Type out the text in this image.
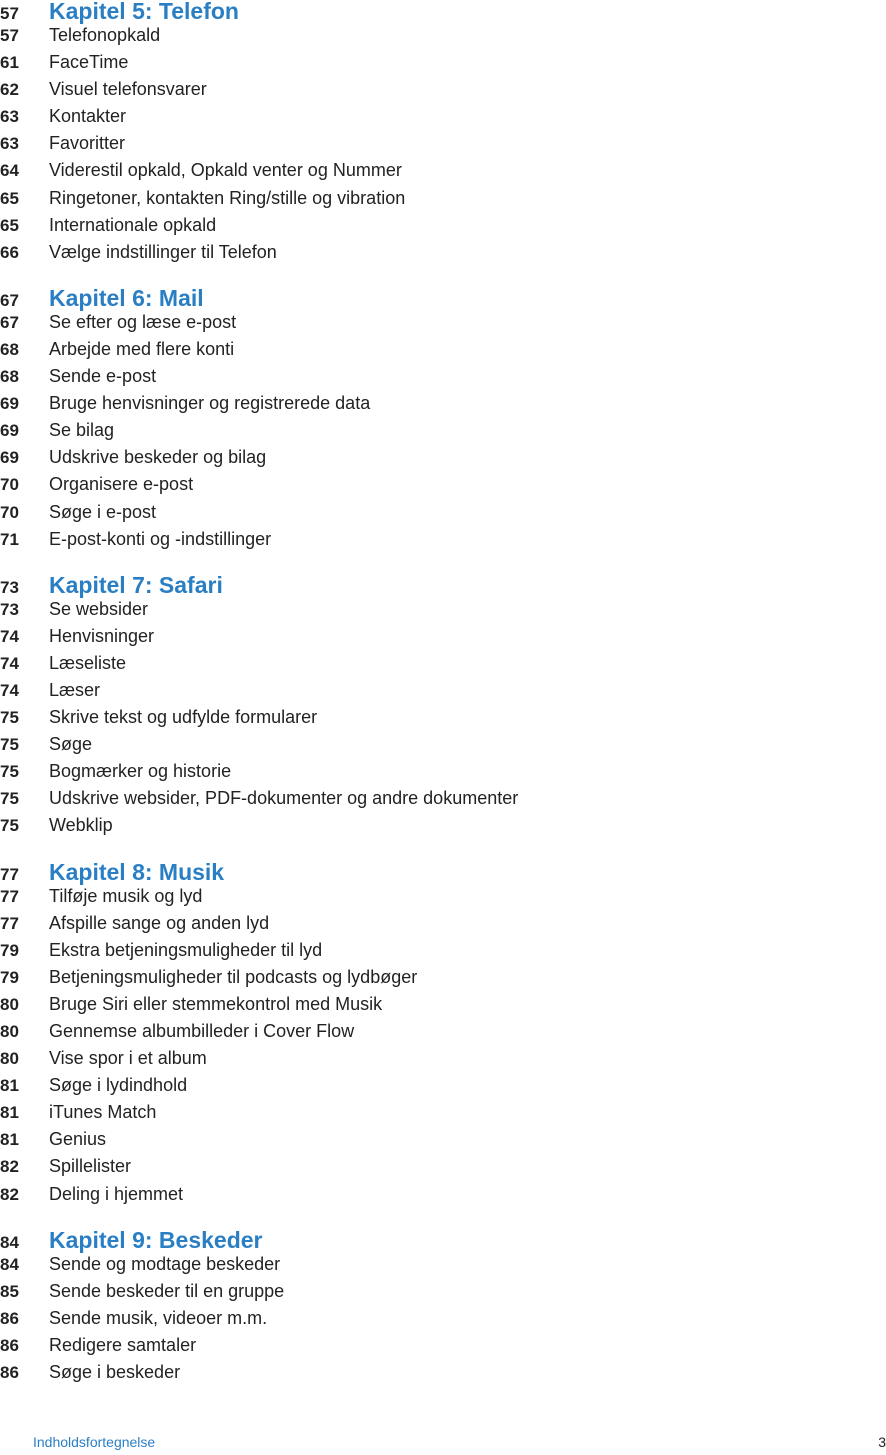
57	Kapitel 5: Telefon
57	Telefonopkald
61	FaceTime
62	Visuel telefonsvarer
63	Kontakter
63	Favoritter
64	Viderestil opkald, Opkald venter og Nummer
65	Ringetoner, kontakten Ring/stille og vibration
65	Internationale opkald
66	Vælge indstillinger til Telefon
67	Kapitel 6: Mail
67	Se efter og læse e-post
68	Arbejde med flere konti
68	Sende e-post
69	Bruge henvisninger og registrerede data
69	Se bilag
69	Udskrive beskeder og bilag
70	Organisere e-post
70	Søge i e-post
71	E-post-konti og -indstillinger
73	Kapitel 7: Safari
73	Se websider
74	Henvisninger
74	Læseliste
74	Læser
75	Skrive tekst og udfylde formularer
75	Søge
75	Bogmærker og historie
75	Udskrive websider, PDF-dokumenter og andre dokumenter
75	Webklip
77	Kapitel 8: Musik
77	Tilføje musik og lyd
77	Afspille sange og anden lyd
79	Ekstra betjeningsmuligheder til lyd
79	Betjeningsmuligheder til podcasts og lydbøger
80	Bruge Siri eller stemmekontrol med Musik
80	Gennemse albumbilleder i Cover Flow
80	Vise spor i et album
81	Søge i lydindhold
81	iTunes Match
81	Genius
82	Spillelister
82	Deling i hjemmet
84	Kapitel 9: Beskeder
84	Sende og modtage beskeder
85	Sende beskeder til en gruppe
86	Sende musik, videoer m.m.
86	Redigere samtaler
86	Søge i beskeder
Indholdsfortegnelse	3
